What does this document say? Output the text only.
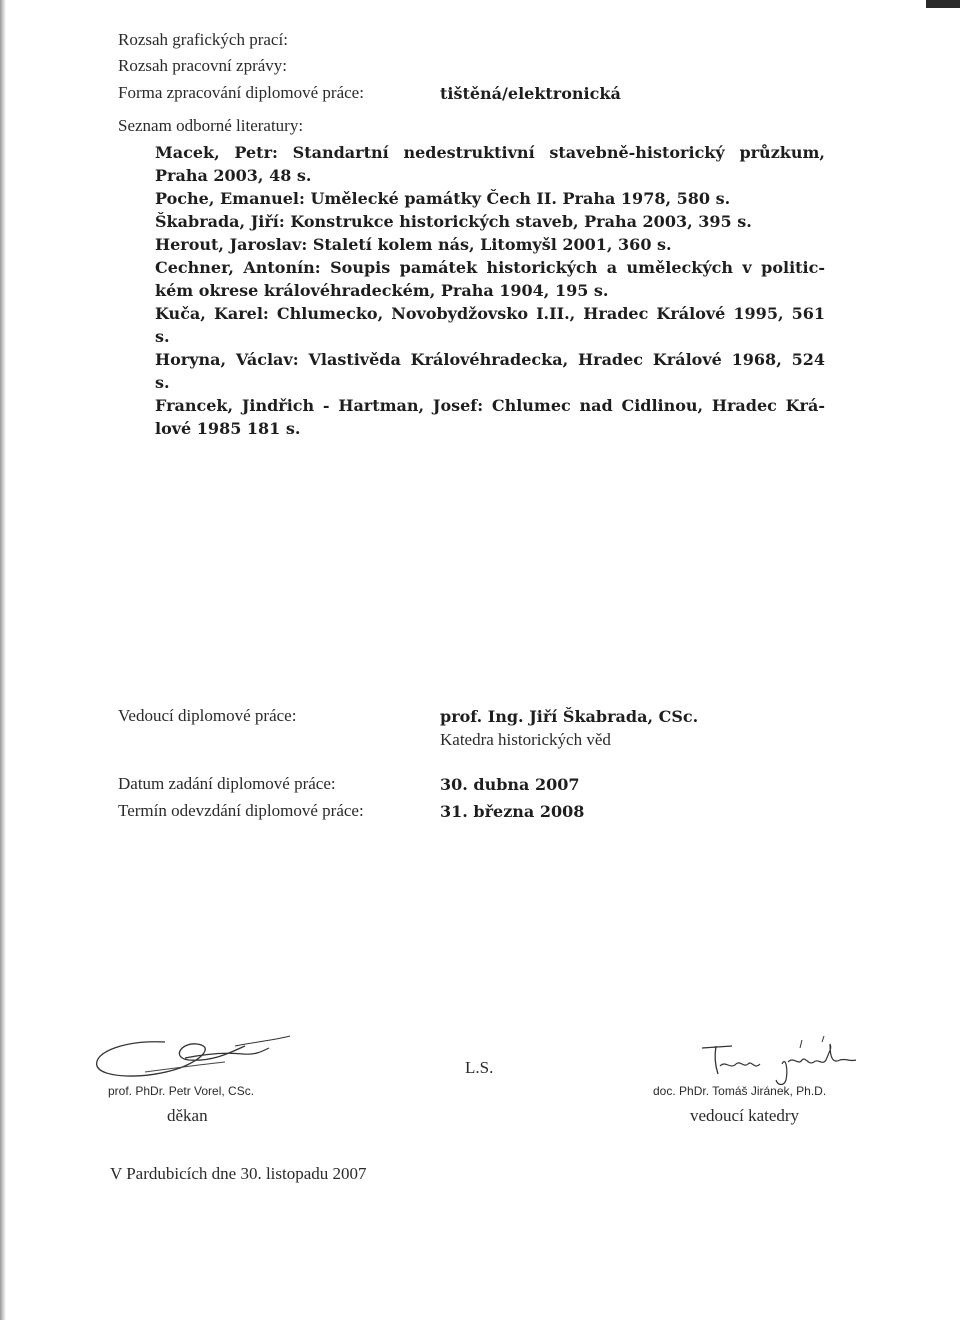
Rozsah grafických prací:
Rozsah pracovní zprávy:
Forma zpracování diplomové práce:	tištěná/elektronická
Seznam odborné literatury:
Macek, Petr: Standartní nedestruktivní stavebně-historický průzkum,
Praha 2003, 48 s.
Poche, Emanuel: Umělecké památky Čech II. Praha 1978, 580 s.
Škabrada, Jiří: Konstrukce historických staveb, Praha 2003, 395 s.
Herout, Jaroslav: Staletí kolem nás, Litomyšl 2001, 360 s.
Cechner, Antonín: Soupis památek historických a uměleckých v politic-
kém okrese královéhradeckém, Praha 1904, 195 s.
Kuča, Karel: Chlumecko, Novobydžovsko I.II., Hradec Králové 1995, 561
s.
Horyna, Václav: Vlastivěda Královéhradecka, Hradec Králové 1968, 524
s.
Francek, Jindřich - Hartman, Josef: Chlumec nad Cidlinou, Hradec Krá-
lové 1985 181 s.
Vedoucí diplomové práce:	prof. Ing. Jiří Škabrada, CSc.
Katedra historických věd
Datum zadání diplomové práce:	30. dubna 2007
Termín odevzdání diplomové práce:	31. března 2008
prof. PhDr. Petr Vorel, CSc.
děkan
L.S.
doc. PhDr. Tomáš Jiránek, Ph.D.
vedoucí katedry
V Pardubicích dne 30. listopadu 2007
